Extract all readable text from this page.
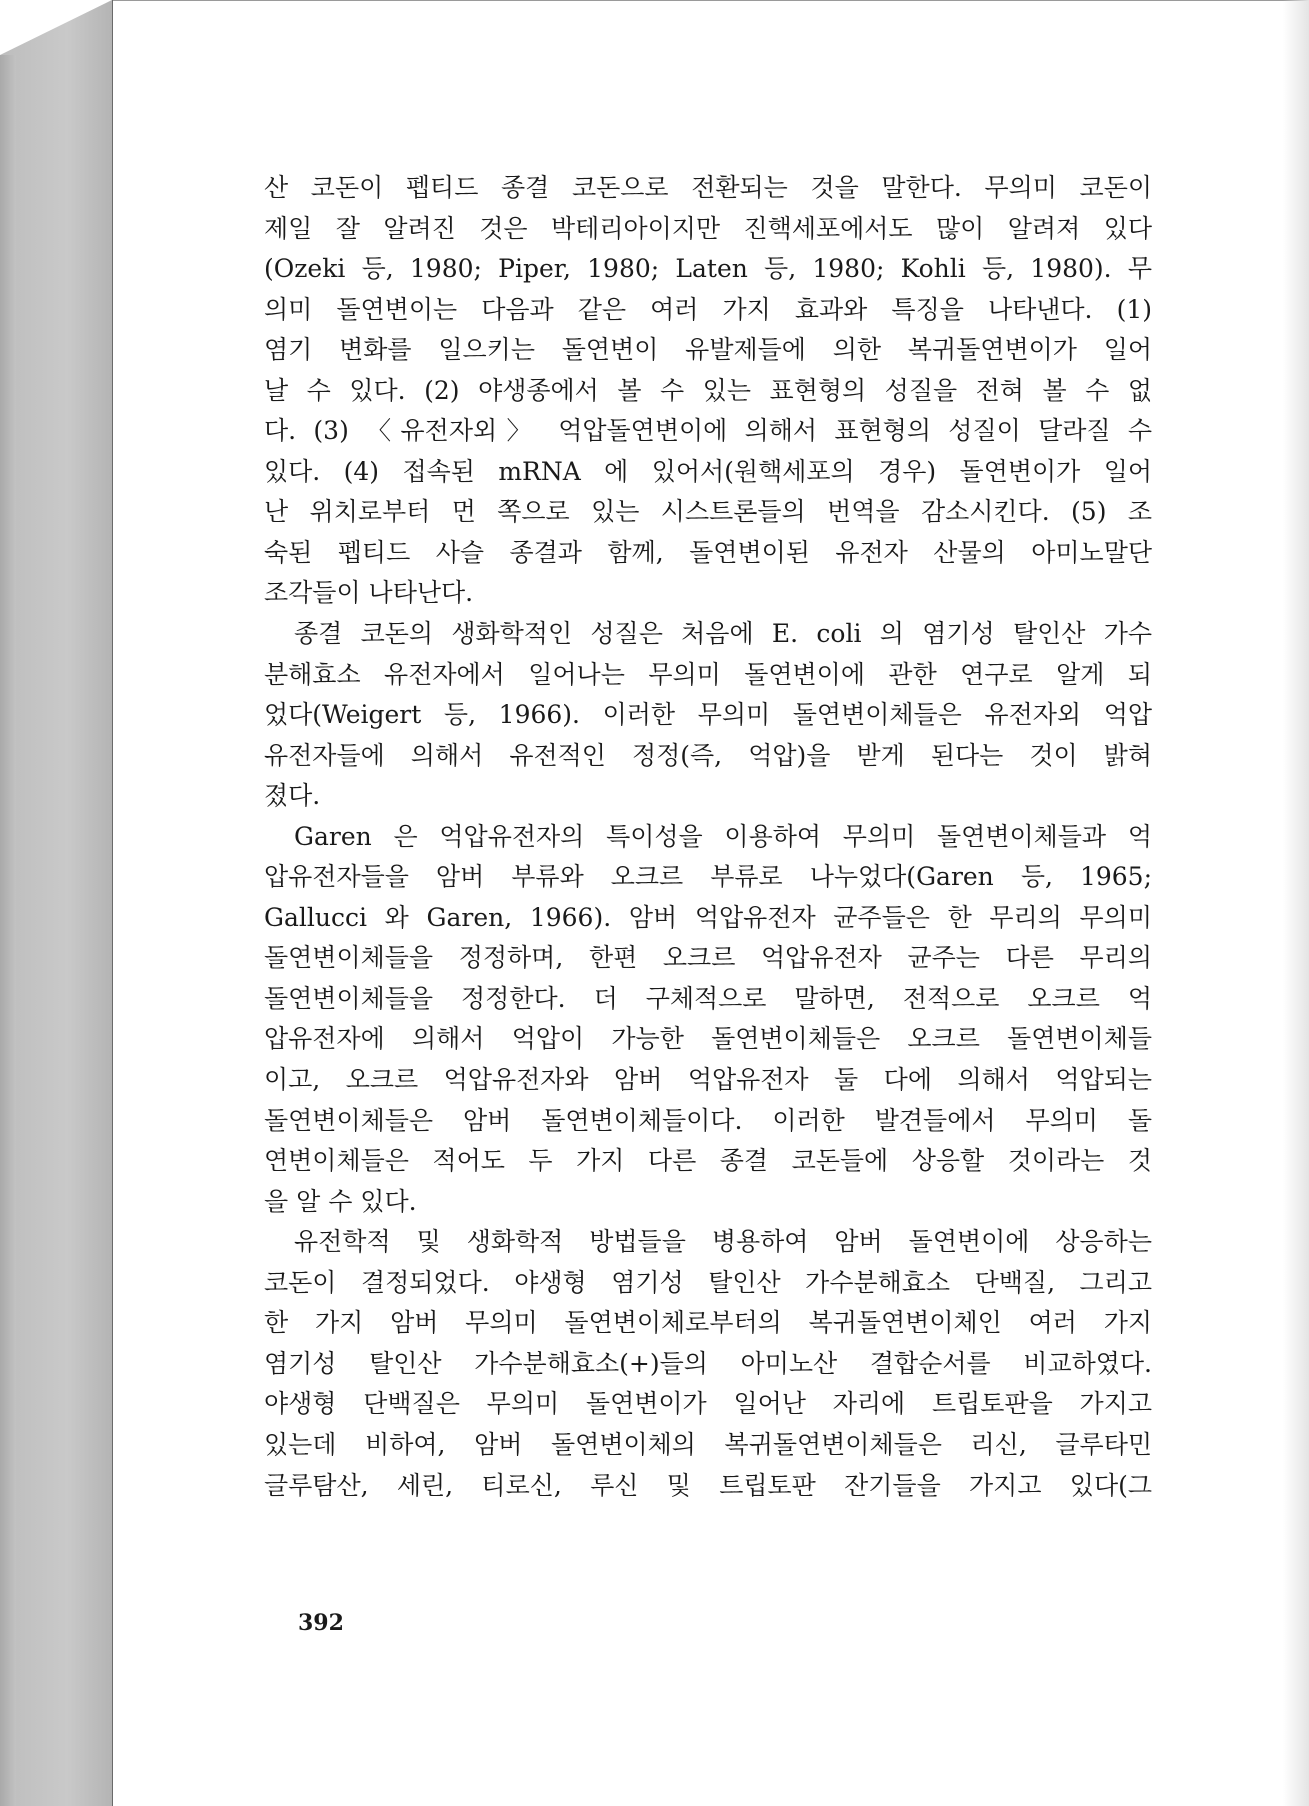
산 코돈이 펩티드 종결 코돈으로 전환되는 것을 말한다. 무의미 코돈이
제일 잘 알려진 것은 박테리아이지만 진핵세포에서도 많이 알려져 있다
(Ozeki 등, 1980; Piper, 1980; Laten 등, 1980; Kohli 등, 1980). 무
의미 돌연변이는 다음과 같은 여러 가지 효과와 특징을 나타낸다. (1)
염기 변화를 일으키는 돌연변이 유발제들에 의한 복귀돌연변이가 일어
날 수 있다. (2) 야생종에서 볼 수 있는 표현형의 성질을 전혀 볼 수 없
다. (3) 〈유전자외〉 억압돌연변이에 의해서 표현형의 성질이 달라질 수
있다. (4) 접속된 mRNA 에 있어서(원핵세포의 경우) 돌연변이가 일어
난 위치로부터 먼 쪽으로 있는 시스트론들의 번역을 감소시킨다. (5) 조
숙된 펩티드 사슬 종결과 함께, 돌연변이된 유전자 산물의 아미노말단
조각들이 나타난다.
종결 코돈의 생화학적인 성질은 처음에 E. coli 의 염기성 탈인산 가수
분해효소 유전자에서 일어나는 무의미 돌연변이에 관한 연구로 알게 되
었다(Weigert 등, 1966). 이러한 무의미 돌연변이체들은 유전자외 억압
유전자들에 의해서 유전적인 정정(즉, 억압)을 받게 된다는 것이 밝혀
졌다.
Garen 은 억압유전자의 특이성을 이용하여 무의미 돌연변이체들과 억
압유전자들을 암버 부류와 오크르 부류로 나누었다(Garen 등, 1965;
Gallucci 와 Garen, 1966). 암버 억압유전자 균주들은 한 무리의 무의미
돌연변이체들을 정정하며, 한편 오크르 억압유전자 균주는 다른 무리의
돌연변이체들을 정정한다. 더 구체적으로 말하면, 전적으로 오크르 억
압유전자에 의해서 억압이 가능한 돌연변이체들은 오크르 돌연변이체들
이고, 오크르 억압유전자와 암버 억압유전자 둘 다에 의해서 억압되는
돌연변이체들은 암버 돌연변이체들이다. 이러한 발견들에서 무의미 돌
연변이체들은 적어도 두 가지 다른 종결 코돈들에 상응할 것이라는 것
을 알 수 있다.
유전학적 및 생화학적 방법들을 병용하여 암버 돌연변이에 상응하는
코돈이 결정되었다. 야생형 염기성 탈인산 가수분해효소 단백질, 그리고
한 가지 암버 무의미 돌연변이체로부터의 복귀돌연변이체인 여러 가지
염기성 탈인산 가수분해효소(+)들의 아미노산 결합순서를 비교하였다.
야생형 단백질은 무의미 돌연변이가 일어난 자리에 트립토판을 가지고
있는데 비하여, 암버 돌연변이체의 복귀돌연변이체들은 리신, 글루타민
글루탐산, 세린, 티로신, 루신 및 트립토판 잔기들을 가지고 있다(그
392
